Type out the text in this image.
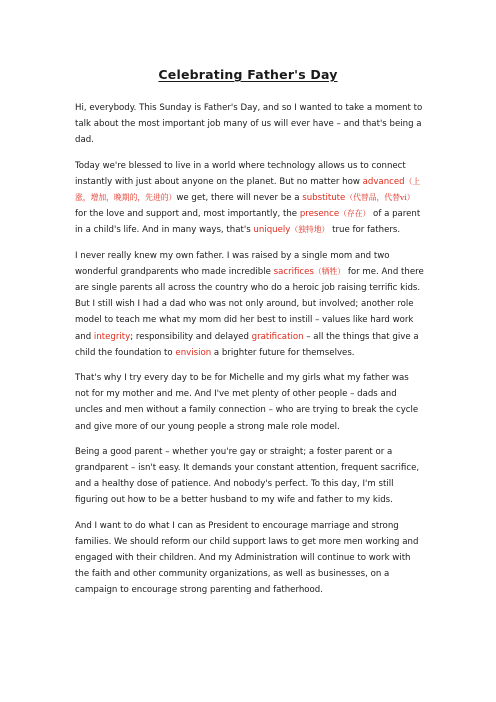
Celebrating Father's Day

Hi, everybody. This Sunday is Father's Day, and so I wanted to take a moment to talk about the most important job many of us will ever have – and that's being a dad.

Today we're blessed to live in a world where technology allows us to connect instantly with just about anyone on the planet. But no matter how advanced（上涨，增加，晚期的，先进的）we get, there will never be a substitute（代替品，代替vi） for the love and support and, most importantly, the presence（存在） of a parent in a child's life. And in many ways, that's uniquely（独特地） true for fathers.

I never really knew my own father. I was raised by a single mom and two wonderful grandparents who made incredible sacrifices（牺牲） for me. And there are single parents all across the country who do a heroic job raising terrific kids. But I still wish I had a dad who was not only around, but involved; another role model to teach me what my mom did her best to instill – values like hard work and integrity; responsibility and delayed gratification – all the things that give a child the foundation to envision a brighter future for themselves.

That's why I try every day to be for Michelle and my girls what my father was not for my mother and me. And I've met plenty of other people – dads and uncles and men without a family connection – who are trying to break the cycle and give more of our young people a strong male role model.

Being a good parent – whether you're gay or straight; a foster parent or a grandparent – isn't easy. It demands your constant attention, frequent sacrifice, and a healthy dose of patience. And nobody's perfect. To this day, I'm still figuring out how to be a better husband to my wife and father to my kids.

And I want to do what I can as President to encourage marriage and strong families. We should reform our child support laws to get more men working and engaged with their children. And my Administration will continue to work with the faith and other community organizations, as well as businesses, on a campaign to encourage strong parenting and fatherhood.
